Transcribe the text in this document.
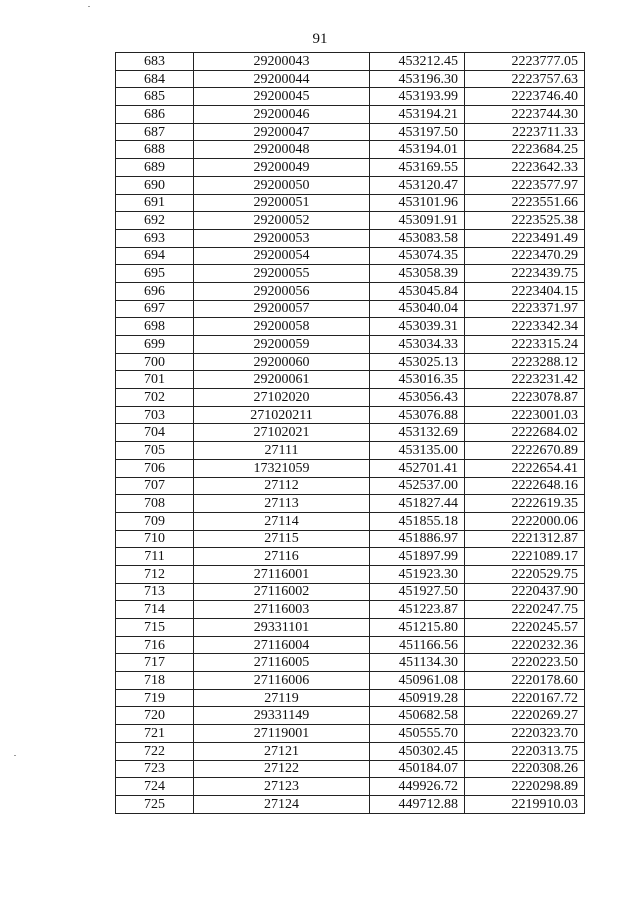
91
683	29200043	453212.45	2223777.05
684	29200044	453196.30	2223757.63
685	29200045	453193.99	2223746.40
686	29200046	453194.21	2223744.30
687	29200047	453197.50	2223711.33
688	29200048	453194.01	2223684.25
689	29200049	453169.55	2223642.33
690	29200050	453120.47	2223577.97
691	29200051	453101.96	2223551.66
692	29200052	453091.91	2223525.38
693	29200053	453083.58	2223491.49
694	29200054	453074.35	2223470.29
695	29200055	453058.39	2223439.75
696	29200056	453045.84	2223404.15
697	29200057	453040.04	2223371.97
698	29200058	453039.31	2223342.34
699	29200059	453034.33	2223315.24
700	29200060	453025.13	2223288.12
701	29200061	453016.35	2223231.42
702	27102020	453056.43	2223078.87
703	271020211	453076.88	2223001.03
704	27102021	453132.69	2222684.02
705	27111	453135.00	2222670.89
706	17321059	452701.41	2222654.41
707	27112	452537.00	2222648.16
708	27113	451827.44	2222619.35
709	27114	451855.18	2222000.06
710	27115	451886.97	2221312.87
711	27116	451897.99	2221089.17
712	27116001	451923.30	2220529.75
713	27116002	451927.50	2220437.90
714	27116003	451223.87	2220247.75
715	29331101	451215.80	2220245.57
716	27116004	451166.56	2220232.36
717	27116005	451134.30	2220223.50
718	27116006	450961.08	2220178.60
719	27119	450919.28	2220167.72
720	29331149	450682.58	2220269.27
721	27119001	450555.70	2220323.70
722	27121	450302.45	2220313.75
723	27122	450184.07	2220308.26
724	27123	449926.72	2220298.89
725	27124	449712.88	2219910.03
